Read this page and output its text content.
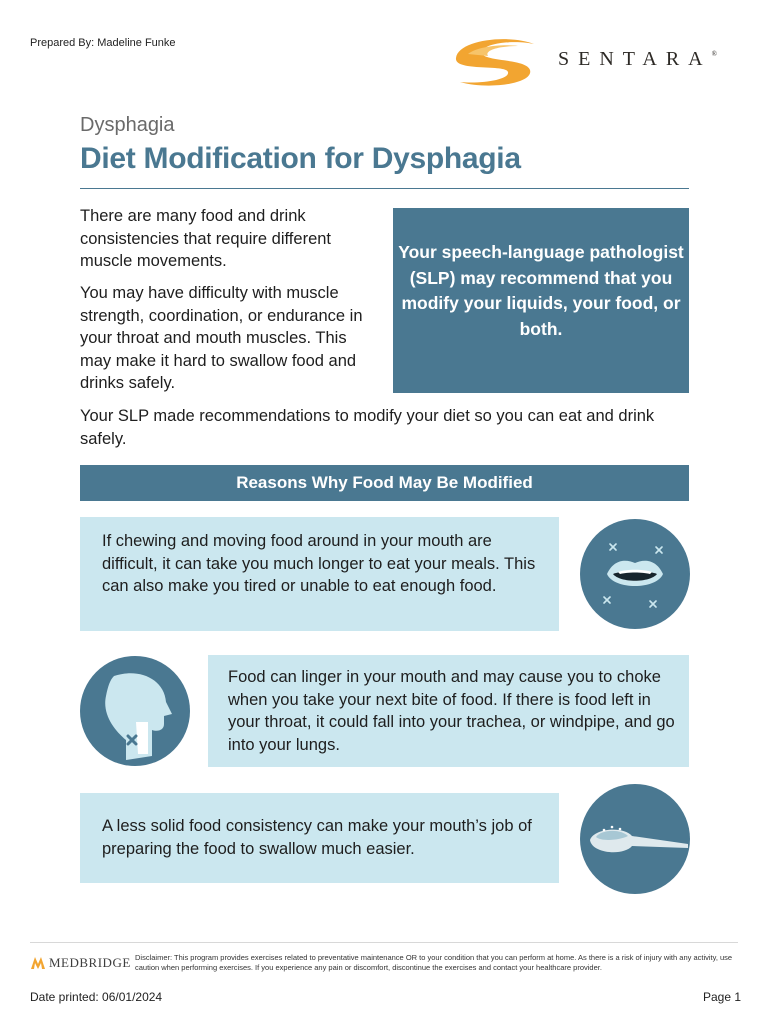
Prepared By: Madeline Funke
SENTARA®
Dysphagia
Diet Modification for Dysphagia
There are many food and drink consistencies that require different muscle movements.
You may have difficulty with muscle strength, coordination, or endurance in your throat and mouth muscles. This may make it hard to swallow food and drinks safely.
Your speech-language pathologist (SLP) may recommend that you modify your liquids, your food, or both.
Your SLP made recommendations to modify your diet so you can eat and drink safely.
Reasons Why Food May Be Modified
If chewing and moving food around in your mouth are difficult, it can take you much longer to eat your meals. This can also make you tired or unable to eat enough food.
Food can linger in your mouth and may cause you to choke when you take your next bite of food. If there is food left in your throat, it could fall into your trachea, or windpipe, and go into your lungs.
A less solid food consistency can make your mouth’s job of preparing the food to swallow much easier.
MEDBRIDGE Disclaimer: This program provides exercises related to preventative maintenance OR to your condition that you can perform at home. As there is a risk of injury with any activity, use caution when performing exercises. If you experience any pain or discomfort, discontinue the exercises and contact your healthcare provider.
Date printed: 06/01/2024	Page 1
